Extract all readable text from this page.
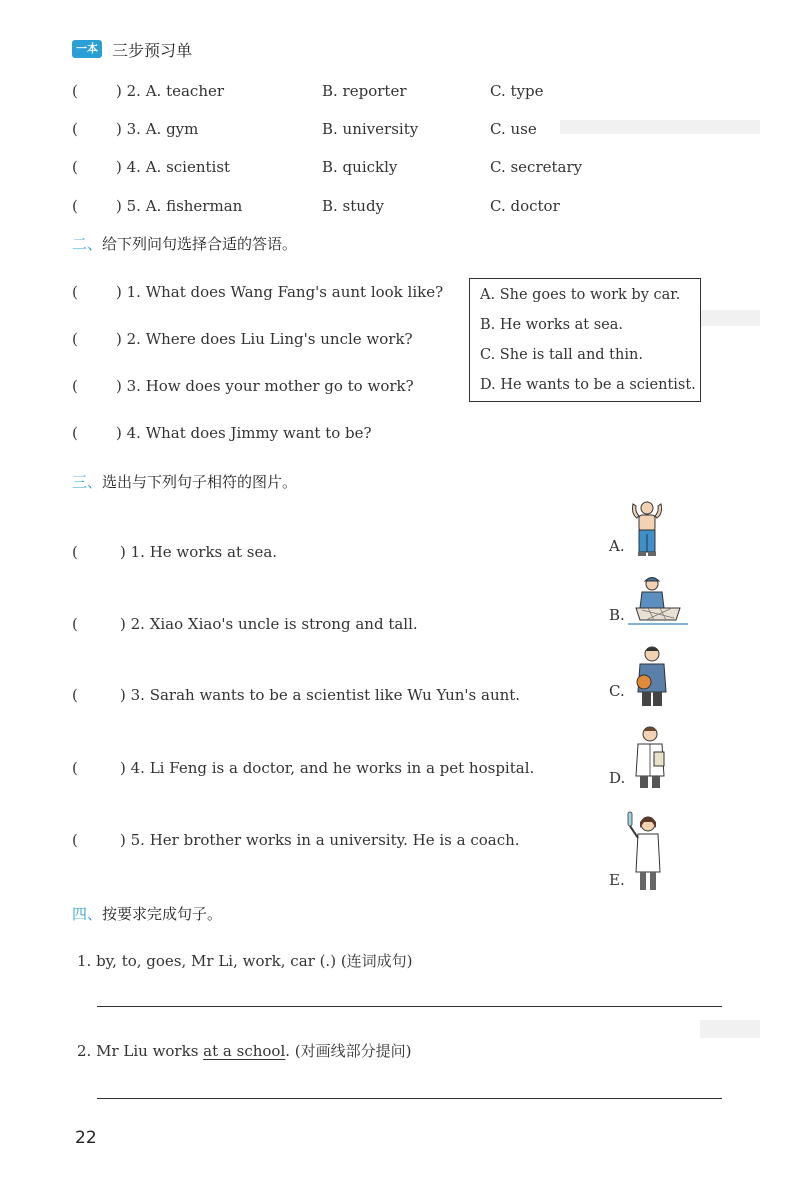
一本 三步预习单
(	) 2. A. teacher	B. reporter	C. type
(	) 3. A. gym	B. university	C. use
(	) 4. A. scientist	B. quickly	C. secretary
(	) 5. A. fisherman	B. study	C. doctor
二、给下列问句选择合适的答语。
(	) 1. What does Wang Fang's aunt look like?
(	) 2. Where does Liu Ling's uncle work?
(	) 3. How does your mother go to work?
(	) 4. What does Jimmy want to be?
A. She goes to work by car.
B. He works at sea.
C. She is tall and thin.
D. He wants to be a scientist.
三、选出与下列句子相符的图片。
(	) 1. He works at sea.
(	) 2. Xiao Xiao's uncle is strong and tall.
(	) 3. Sarah wants to be a scientist like Wu Yun's aunt.
(	) 4. Li Feng is a doctor, and he works in a pet hospital.
(	) 5. Her brother works in a university. He is a coach.
A.
B.
C.
D.
E.
四、按要求完成句子。
1. by, to, goes, Mr Li, work, car (.) (连词成句)
2. Mr Liu works at a school. (对画线部分提问)
22
